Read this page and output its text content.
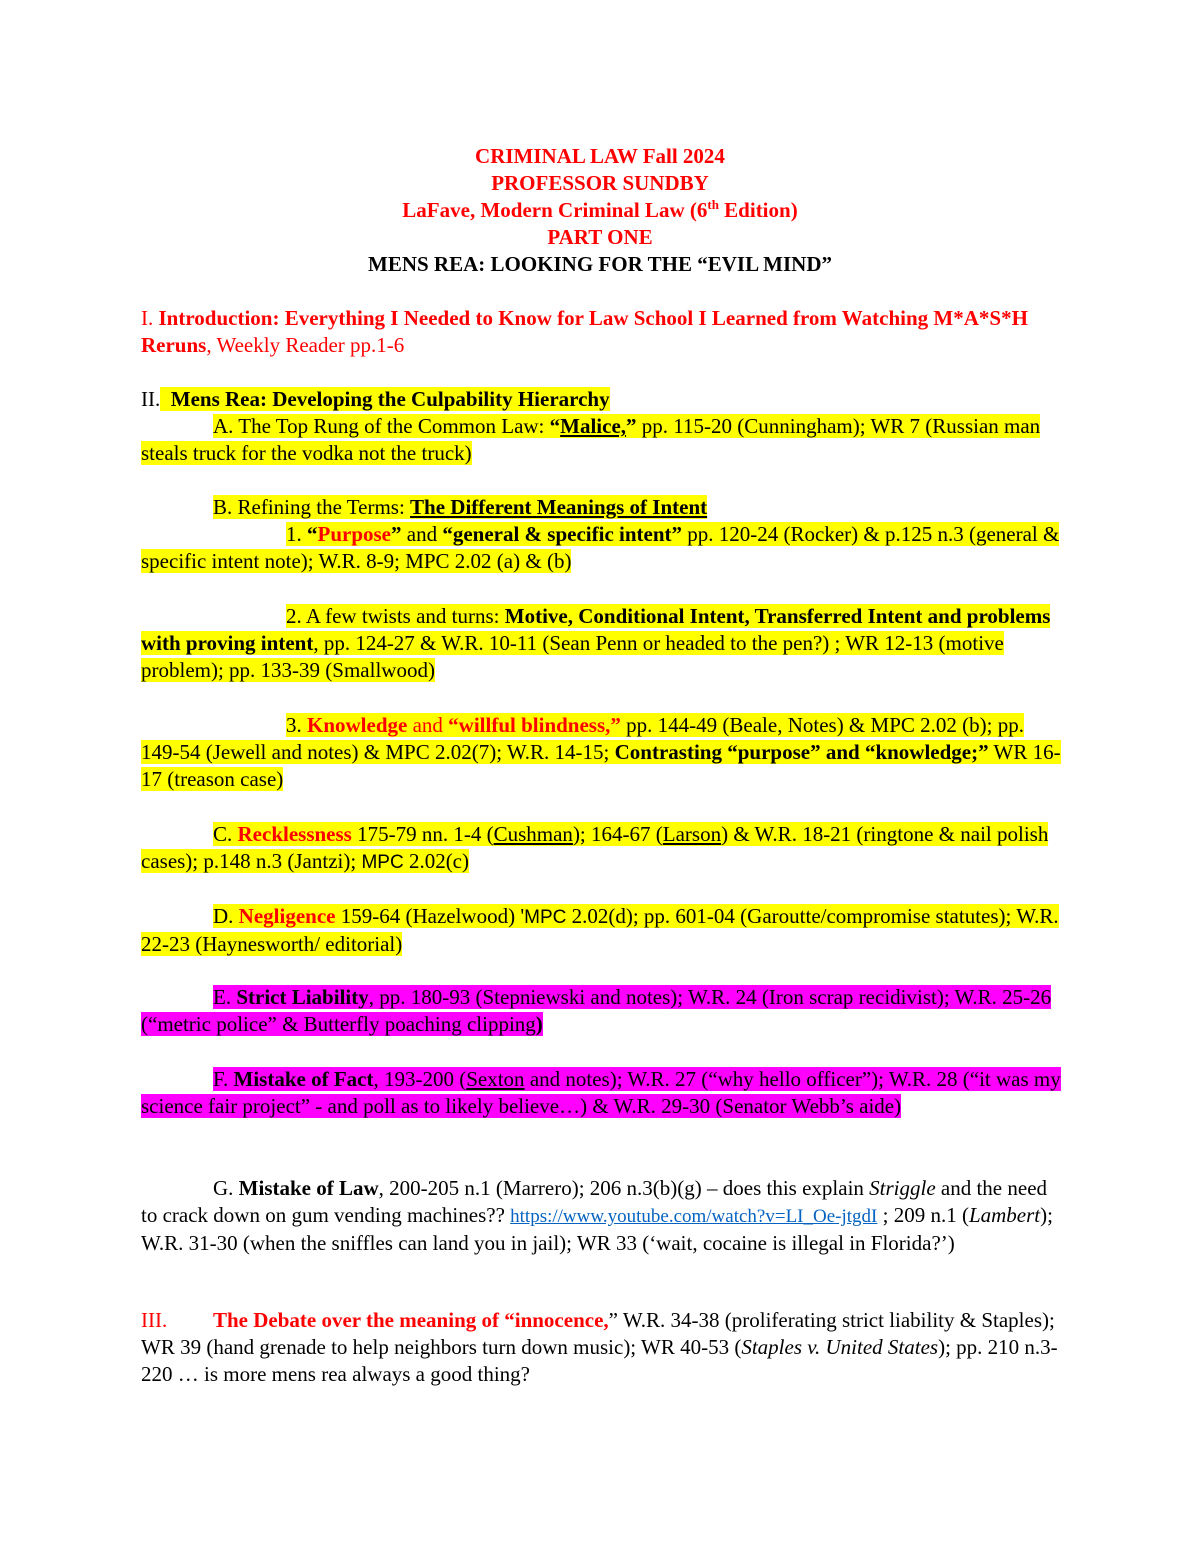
CRIMINAL LAW Fall 2024
PROFESSOR SUNDBY
LaFave, Modern Criminal Law (6th Edition)
PART ONE
MENS REA: LOOKING FOR THE “EVIL MIND”

I. Introduction: Everything I Needed to Know for Law School I Learned from Watching M*A*S*H Reruns, Weekly Reader pp.1-6

II. Mens Rea: Developing the Culpability Hierarchy

A. The Top Rung of the Common Law: “Malice,” pp. 115-20 (Cunningham); WR 7 (Russian man steals truck for the vodka not the truck)

B. Refining the Terms: The Different Meanings of Intent

1. “Purpose” and “general & specific intent” pp. 120-24 (Rocker) & p.125 n.3 (general & specific intent note); W.R. 8-9; MPC 2.02 (a) & (b)

2. A few twists and turns: Motive, Conditional Intent, Transferred Intent and problems with proving intent, pp. 124-27 & W.R. 10-11 (Sean Penn or headed to the pen?) ; WR 12-13 (motive problem); pp. 133-39 (Smallwood)

3. Knowledge and “willful blindness,” pp. 144-49 (Beale, Notes) & MPC 2.02 (b); pp. 149-54 (Jewell and notes) & MPC 2.02(7); W.R. 14-15; Contrasting “purpose” and “knowledge;” WR 16-17 (treason case)

C. Recklessness 175-79 nn. 1-4 (Cushman); 164-67 (Larson) & W.R. 18-21 (ringtone & nail polish cases); p.148 n.3 (Jantzi); MPC 2.02(c)

D. Negligence 159-64 (Hazelwood) 'MPC 2.02(d); pp. 601-04 (Garoutte/compromise statutes); W.R. 22-23 (Haynesworth/ editorial)

E. Strict Liability, pp. 180-93 (Stepniewski and notes); W.R. 24 (Iron scrap recidivist); W.R. 25-26 (“metric police” & Butterfly poaching clipping)

F. Mistake of Fact, 193-200 (Sexton and notes); W.R. 27 (“why hello officer”); W.R. 28 (“it was my science fair project” - and poll as to likely believe…) & W.R. 29-30 (Senator Webb’s aide)

G. Mistake of Law, 200-205 n.1 (Marrero); 206 n.3(b)(g) – does this explain Striggle and the need to crack down on gum vending machines?? https://www.youtube.com/watch?v=LI_Oe-jtgdI ; 209 n.1 (Lambert); W.R. 31-30 (when the sniffles can land you in jail); WR 33 (‘wait, cocaine is illegal in Florida?’)

III. The Debate over the meaning of “innocence,” W.R. 34-38 (proliferating strict liability & Staples); WR 39 (hand grenade to help neighbors turn down music); WR 40-53 (Staples v. United States); pp. 210 n.3- 220 … is more mens rea always a good thing?
